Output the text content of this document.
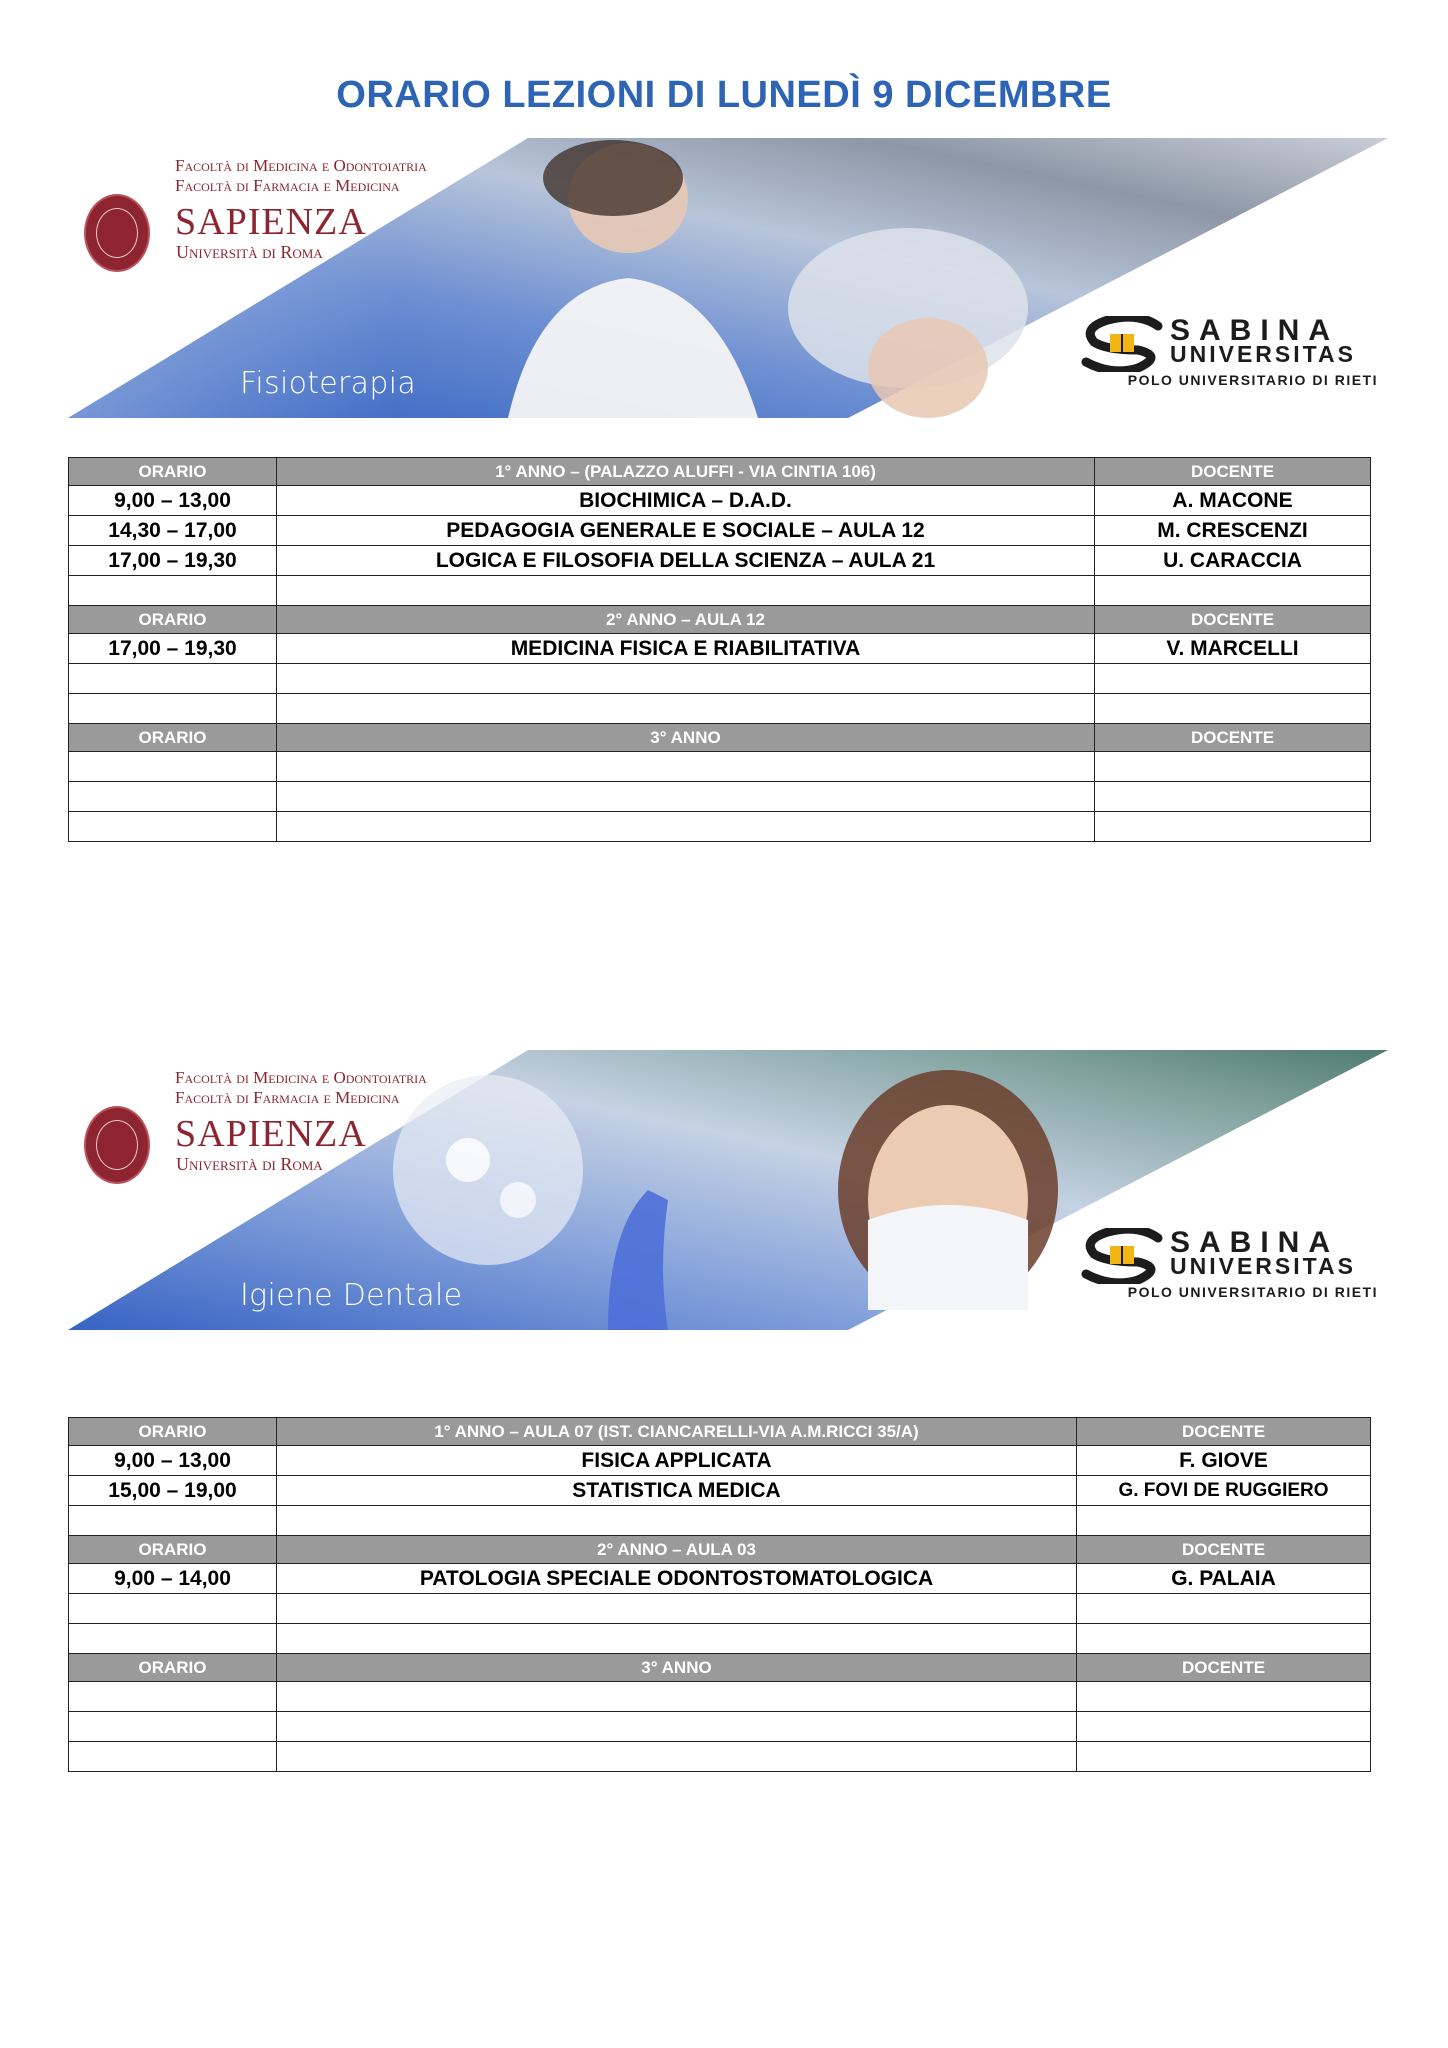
ORARIO LEZIONI DI LUNEDÌ 9 DICEMBRE
Facoltà di Medicina e Odontoiatria
Facoltà di Farmacia e Medicina
SAPIENZA
Università di Roma
Fisioterapia
SABINA
UNIVERSITAS
POLO UNIVERSITARIO DI RIETI
ORARIO	1° ANNO – (PALAZZO ALUFFI - VIA CINTIA 106)	DOCENTE
9,00 – 13,00	BIOCHIMICA – D.A.D.	A. MACONE
14,30 – 17,00	PEDAGOGIA GENERALE E SOCIALE – AULA 12	M. CRESCENZI
17,00 – 19,30	LOGICA E FILOSOFIA DELLA SCIENZA – AULA 21	U. CARACCIA

ORARIO	2° ANNO – AULA 12	DOCENTE
17,00 – 19,30	MEDICINA FISICA E RIABILITATIVA	V. MARCELLI

ORARIO	3° ANNO	DOCENTE

Facoltà di Medicina e Odontoiatria
Facoltà di Farmacia e Medicina
SAPIENZA
Università di Roma
Igiene Dentale
SABINA
UNIVERSITAS
POLO UNIVERSITARIO DI RIETI
ORARIO	1° ANNO – AULA 07 (IST. CIANCARELLI-VIA A.M.RICCI 35/A)	DOCENTE
9,00 – 13,00	FISICA APPLICATA	F. GIOVE
15,00 – 19,00	STATISTICA MEDICA	G. FOVI DE RUGGIERO

ORARIO	2° ANNO – AULA 03	DOCENTE
9,00 – 14,00	PATOLOGIA SPECIALE ODONTOSTOMATOLOGICA	G. PALAIA

ORARIO	3° ANNO	DOCENTE
